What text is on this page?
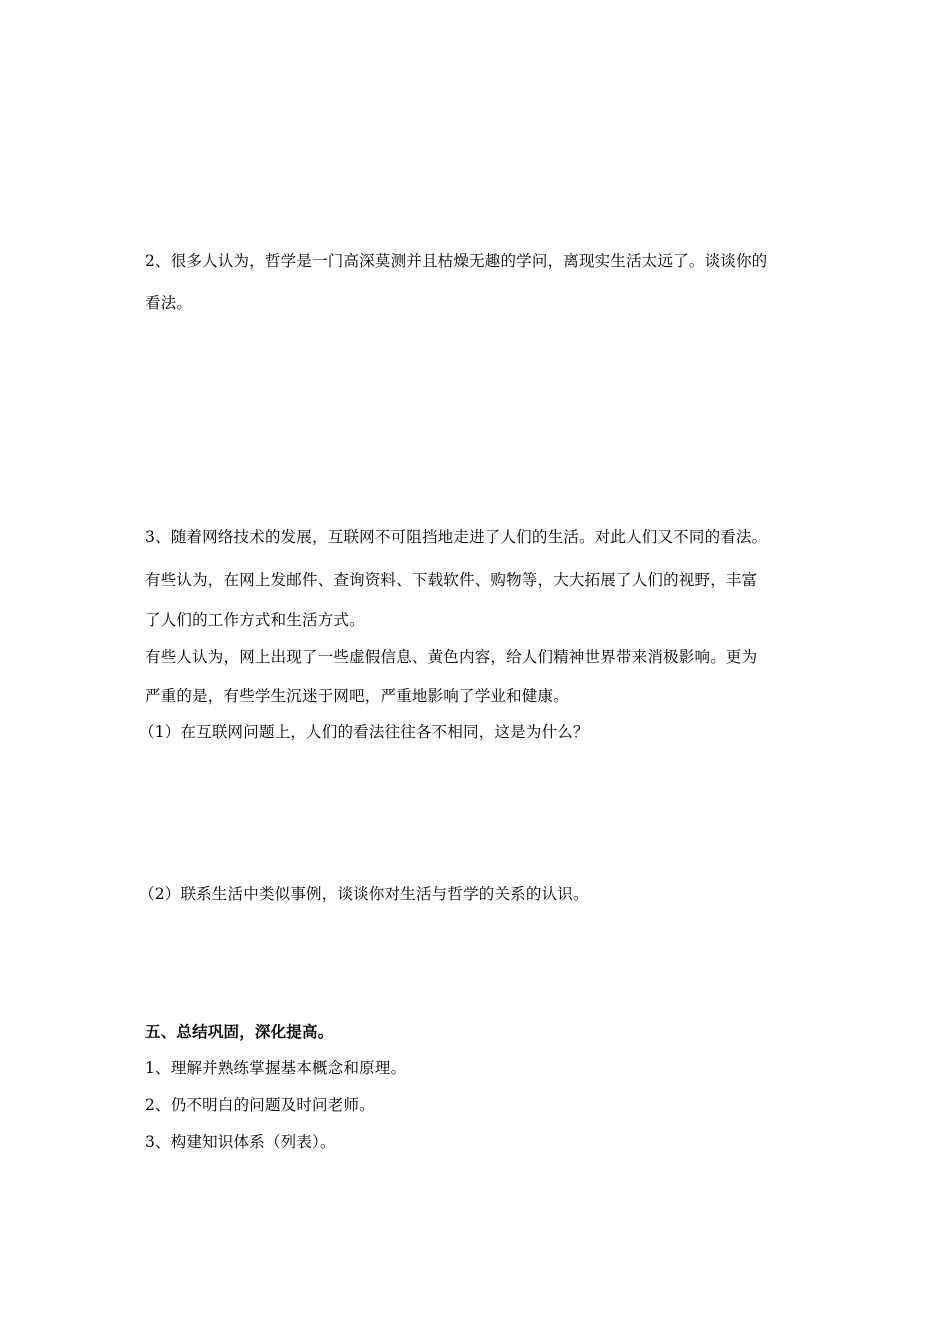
2、很多人认为，哲学是一门高深莫测并且枯燥无趣的学问，离现实生活太远了。谈谈你的
看法。
3、随着网络技术的发展，互联网不可阻挡地走进了人们的生活。对此人们又不同的看法。
有些认为，在网上发邮件、查询资料、下载软件、购物等，大大拓展了人们的视野，丰富
了人们的工作方式和生活方式。
有些人认为，网上出现了一些虚假信息、黄色内容，给人们精神世界带来消极影响。更为
严重的是，有些学生沉迷于网吧，严重地影响了学业和健康。
（1）在互联网问题上，人们的看法往往各不相同，这是为什么？
（2）联系生活中类似事例，谈谈你对生活与哲学的关系的认识。
五、总结巩固，深化提高。
1、理解并熟练掌握基本概念和原理。
2、仍不明白的问题及时问老师。
3、构建知识体系（列表）。
